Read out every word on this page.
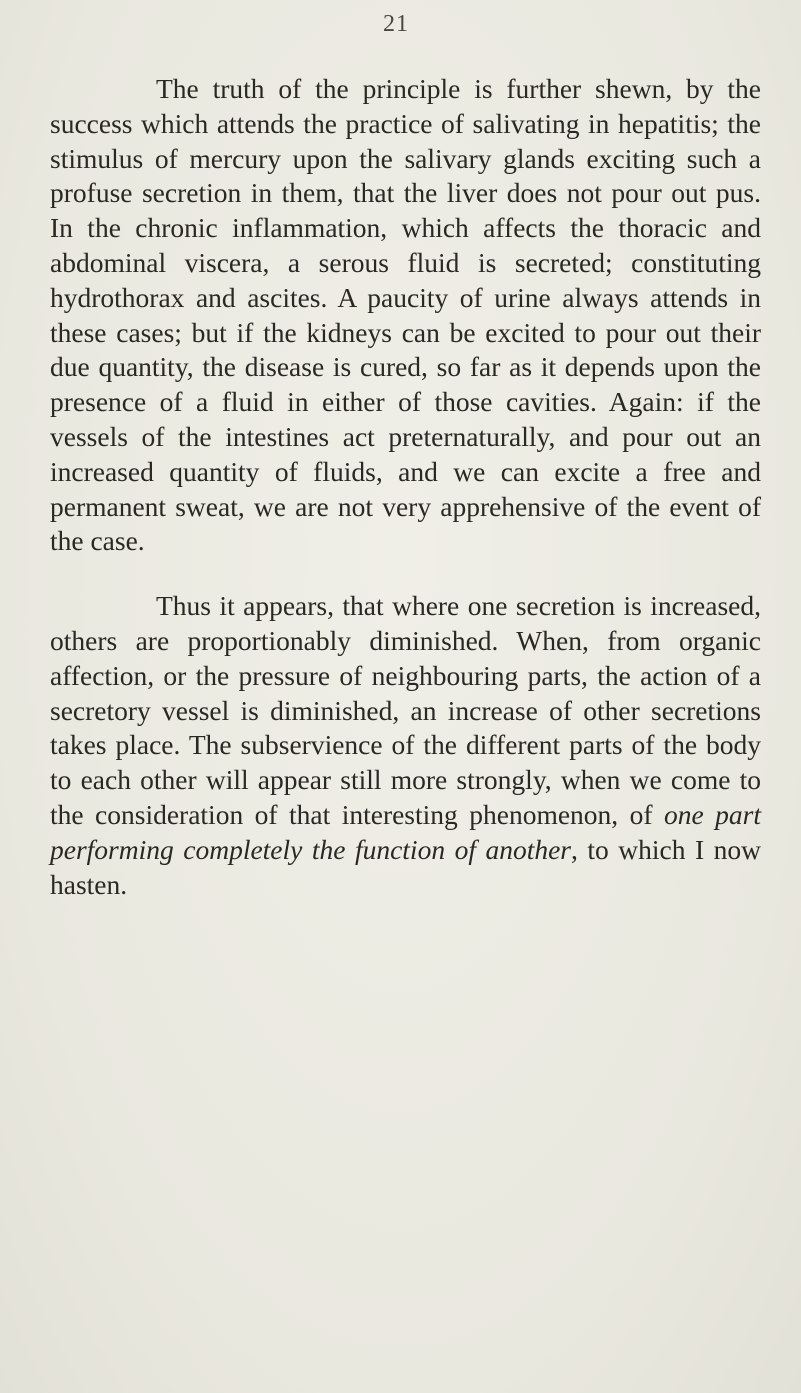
21

The truth of the principle is further shewn, by the success which attends the practice of salivating in hepatitis; the stimulus of mercury upon the salivary glands exciting such a profuse secretion in them, that the liver does not pour out pus. In the chronic inflammation, which affects the thoracic and abdominal viscera, a serous fluid is secreted; constituting hydrothorax and ascites. A paucity of urine always attends in these cases; but if the kidneys can be excited to pour out their due quantity, the disease is cured, so far as it depends upon the presence of a fluid in either of those cavities. Again: if the vessels of the intestines act preternaturally, and pour out an increased quantity of fluids, and we can excite a free and permanent sweat, we are not very apprehensive of the event of the case.

Thus it appears, that where one secretion is increased, others are proportionably diminished. When, from organic affection, or the pressure of neighbouring parts, the action of a secretory vessel is diminished, an increase of other secretions takes place. The subservience of the different parts of the body to each other will appear still more strongly, when we come to the consideration of that interesting phenomenon, of one part performing completely the function of another, to which I now hasten.
